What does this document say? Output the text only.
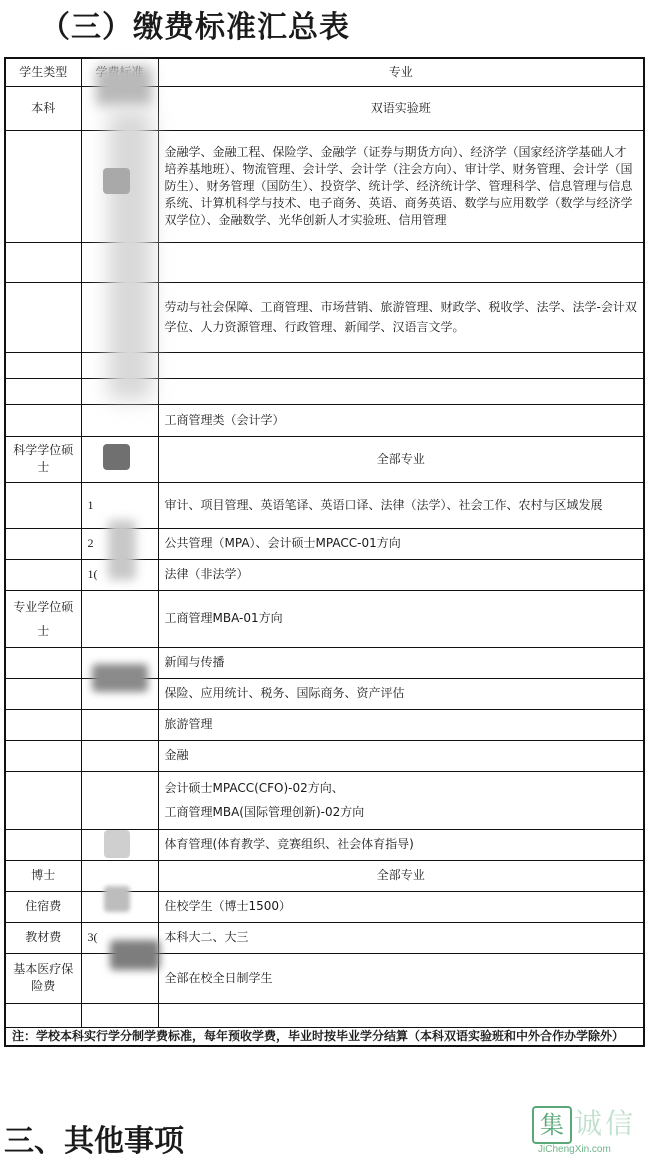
（三）缴费标准汇总表
学生类型		专业
本科		双语实验班
		金融学、金融工程、保险学、金融学（证券与期货方向）、经济学（国家经济学基础人才培养基地班）、物流管理、会计学、会计学（注会方向）、审计学、财务管理、会计学（国防生）、财务管理（国防生）、投资学、统计学、经济统计学、管理科学、信息管理与信息系统、计算机科学与技术、电子商务、英语、商务英语、数学与应用数学（数学与经济学双学位）、金融数学、光华创新人才实验班、信用管理

		劳动与社会保障、工商管理、市场营销、旅游管理、财政学、税收学、法学、法学-会计双学位、人力资源管理、行政管理、新闻学、汉语言文学。

		工商管理类（会计学）
科学学位硕士		全部专业
	1	审计、项目管理、英语笔译、英语口译、法律（法学）、社会工作、农村与区域发展
	2	公共管理（MPA）、会计硕士MPACC-01方向
	1(	法律（非法学）
专业学位硕士		工商管理MBA-01方向
		新闻与传播
		保险、应用统计、税务、国际商务、资产评估
		旅游管理
		金融
		会计硕士MPACC(CFO)-02方向、
工商管理MBA(国际管理创新)-02方向
		体育管理(体育教学、竞赛组织、社会体育指导)
博士		全部专业
住宿费		住校学生（博士1500）
教材费	3(	本科大二、大三
基本医疗保险费		全部在校全日制学生

注：学校本科实行学分制学费标准，每年预收学费，毕业时按毕业学分结算（本科双语实验班和中外合作办学除外）		
三、其他事项	集 诚信
JiChengXin.com
